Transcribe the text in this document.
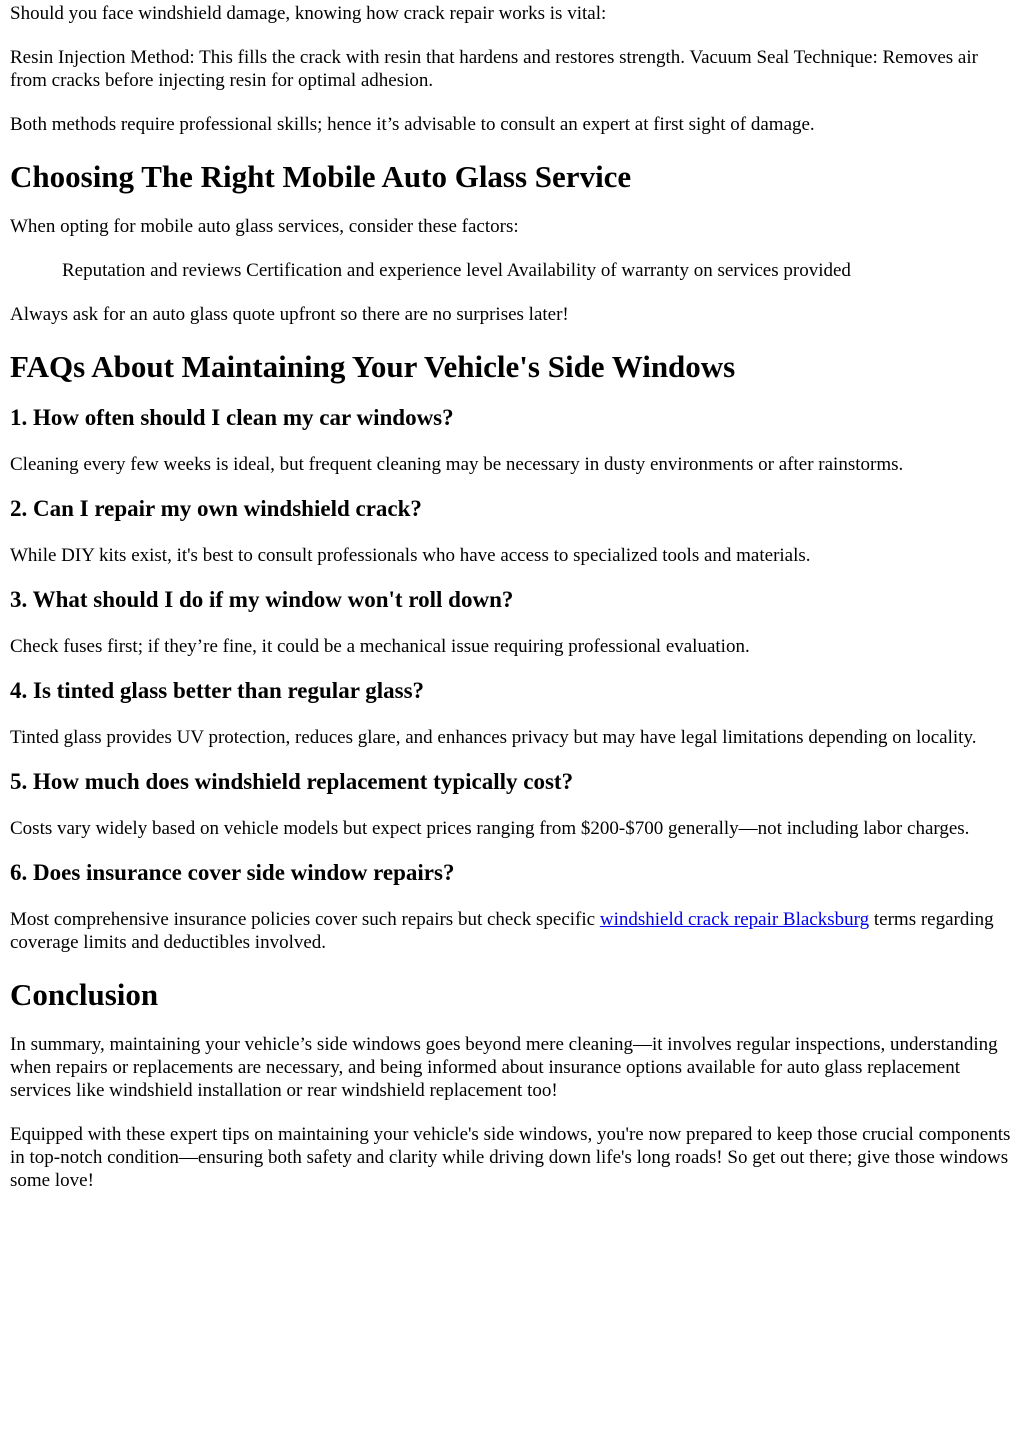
Should you face windshield damage, knowing how crack repair works is vital:

Resin Injection Method: This fills the crack with resin that hardens and restores strength. Vacuum Seal Technique: Removes air from cracks before injecting resin for optimal adhesion.

Both methods require professional skills; hence it’s advisable to consult an expert at first sight of damage.

Choosing The Right Mobile Auto Glass Service

When opting for mobile auto glass services, consider these factors:

Reputation and reviews Certification and experience level Availability of warranty on services provided

Always ask for an auto glass quote upfront so there are no surprises later!

FAQs About Maintaining Your Vehicle's Side Windows
1. How often should I clean my car windows?

Cleaning every few weeks is ideal, but frequent cleaning may be necessary in dusty environments or after rainstorms.

2. Can I repair my own windshield crack?

While DIY kits exist, it's best to consult professionals who have access to specialized tools and materials.

3. What should I do if my window won't roll down?

Check fuses first; if they’re fine, it could be a mechanical issue requiring professional evaluation.

4. Is tinted glass better than regular glass?

Tinted glass provides UV protection, reduces glare, and enhances privacy but may have legal limitations depending on locality.

5. How much does windshield replacement typically cost?

Costs vary widely based on vehicle models but expect prices ranging from $200-$700 generally—not including labor charges.

6. Does insurance cover side window repairs?

Most comprehensive insurance policies cover such repairs but check specific windshield crack repair Blacksburg terms regarding coverage limits and deductibles involved.

Conclusion

In summary, maintaining your vehicle’s side windows goes beyond mere cleaning—it involves regular inspections, understanding when repairs or replacements are necessary, and being informed about insurance options available for auto glass replacement services like windshield installation or rear windshield replacement too!

Equipped with these expert tips on maintaining your vehicle's side windows, you're now prepared to keep those crucial components in top-notch condition—ensuring both safety and clarity while driving down life's long roads! So get out there; give those windows some love!
